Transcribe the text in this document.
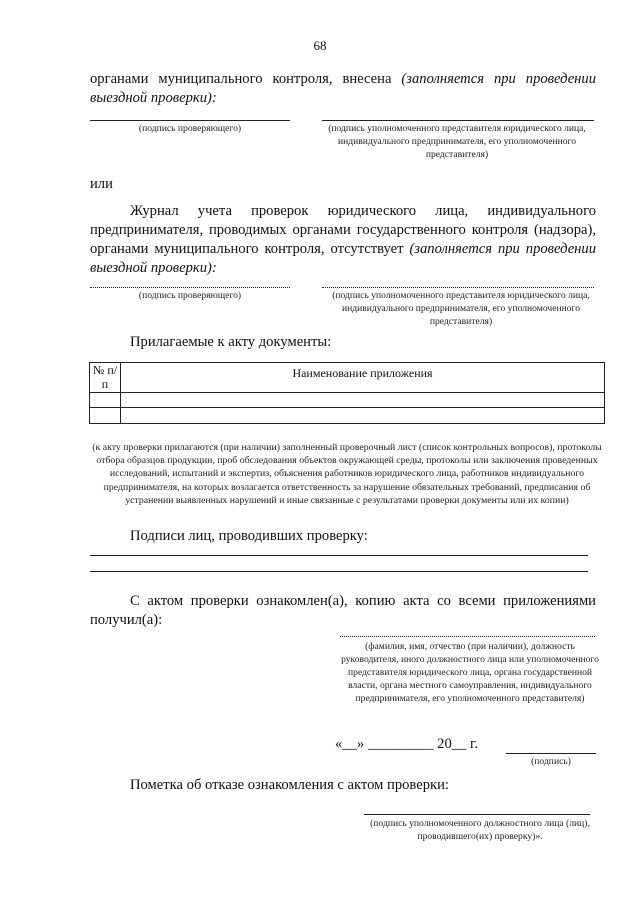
68
органами муниципального контроля, внесена (заполняется при проведении выездной проверки):
(подпись проверяющего)	(подпись уполномоченного представителя юридического лица, индивидуального предпринимателя, его уполномоченного представителя)
или
Журнал учета проверок юридического лица, индивидуального предпринимателя, проводимых органами государственного контроля (надзора), органами муниципального контроля, отсутствует (заполняется при проведении выездной проверки):
(подпись проверяющего)	(подпись уполномоченного представителя юридического лица, индивидуального предпринимателя, его уполномоченного представителя)
Прилагаемые к акту документы:
№ п/п	Наименование приложения

(к акту проверки прилагаются (при наличии) заполненный проверочный лист (список контрольных вопросов), протоколы отбора образцов продукции, проб обследования объектов окружающей среды, протоколы или заключения проведенных исследований, испытаний и экспертиз, объяснения работников юридического лица, работников индивидуального предпринимателя, на которых возлагается ответственность за нарушение обязательных требований, предписания об устранении выявленных нарушений и иные связанные с результатами проверки документы или их копии)
Подписи лиц, проводивших проверку:
С актом проверки ознакомлен(а), копию акта со всеми приложениями получил(а):
(фамилия, имя, отчество (при наличии), должность руководителя, иного должностного лица или уполномоченного представителя юридического лица, органа государственной власти, органа местного самоуправления, индивидуального предпринимателя, его уполномоченного представителя)
«__» _________ 20__ г.
(подпись)
Пометка об отказе ознакомления с актом проверки:
(подпись уполномоченного должностного лица (лиц), проводившего(их) проверку)».
